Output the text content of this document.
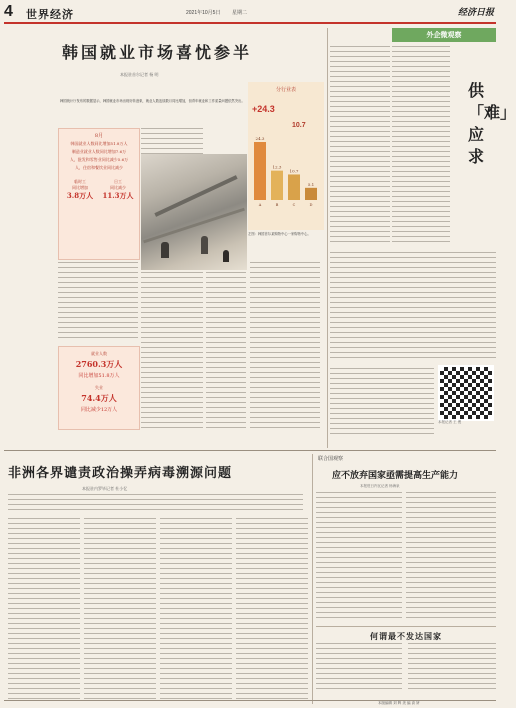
4 世界经济	2021年10月5日 星期二	经济日报
韩国就业市场喜忧参半
本报驻首尔记者 杨 明
韩国统计厅发布的数据显示，韩国就业市场出现好转迹象，就业人数连续数月同比增加，但青年就业和工作质量问题依然突出。
8月
韩国就业人数同比增加51.8万人
制造业就业人数同比增加7.6万
人，批发和零售业同比减少5.6万
人，住宿和餐饮业同比减少
临时工
同比增加
3.8万人
日工
同比减少
11.3万人
就业人数
2760.3万人
同比增加51.8万人
失业
74.4万人
同比减少12万人
左图：韩国首尔某购物中心一家购物中心。
分行业表
+24.3
10.7
24.3
A
12.3
B
10.7
C
5.1
D
外企微观察
供「难」应求
本报记者 王 俊
非洲各界谴责政治操弄病毒溯源问题
本报驻内罗毕记者 杜小忆
联合国观察
应不放弃国家亟需提高生产能力
本报驻日内瓦记者 杨海泉
何谓最不发达国家
本版编辑 刘 辉 美 编 高 妍
